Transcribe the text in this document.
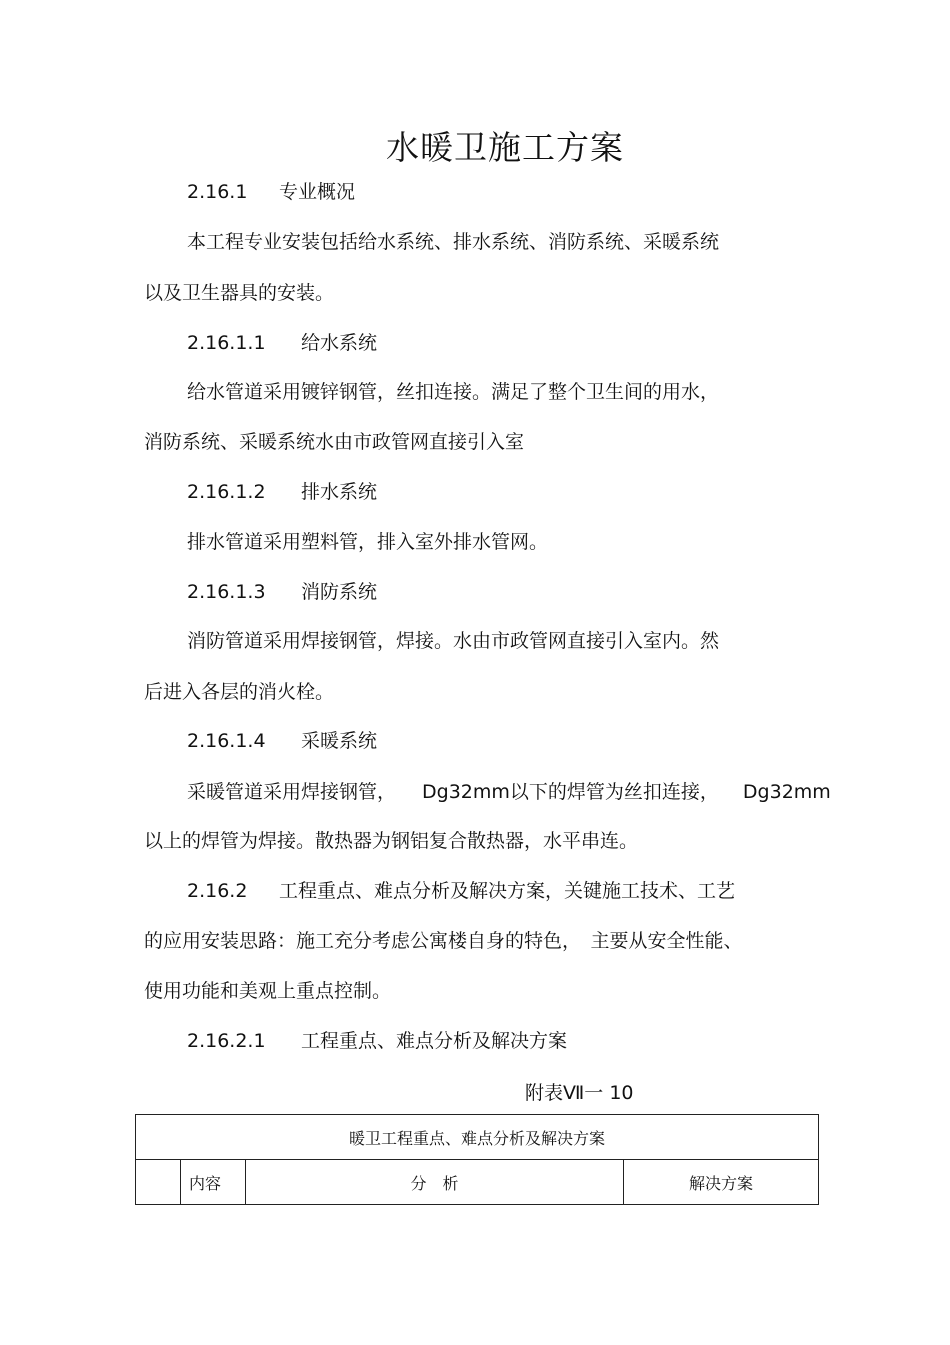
水暖卫施工方案
2.16.1 专业概况
本工程专业安装包括给水系统、排水系统、消防系统、采暖系统
以及卫生器具的安装。
2.16.1.1 给水系统
给水管道采用镀锌钢管，丝扣连接。满足了整个卫生间的用水，
消防系统、采暖系统水由市政管网直接引入室
2.16.1.2 排水系统
排水管道采用塑料管，排入室外排水管网。
2.16.1.3 消防系统
消防管道采用焊接钢管，焊接。水由市政管网直接引入室内。然
后进入各层的消火栓。
2.16.1.4 采暖系统
采暖管道采用焊接钢管， Dg32mm以下的焊管为丝扣连接， Dg32mm
以上的焊管为焊接。散热器为钢铝复合散热器，水平串连。
2.16.2 工程重点、难点分析及解决方案，关键施工技术、工艺
的应用安装思路：施工充分考虑公寓楼自身的特色，　主要从安全性能、
使用功能和美观上重点控制。
2.16.2.1 工程重点、难点分析及解决方案
附表Ⅶ一 10
暖卫工程重点、难点分析及解决方案
	内容	分　析	解决方案
